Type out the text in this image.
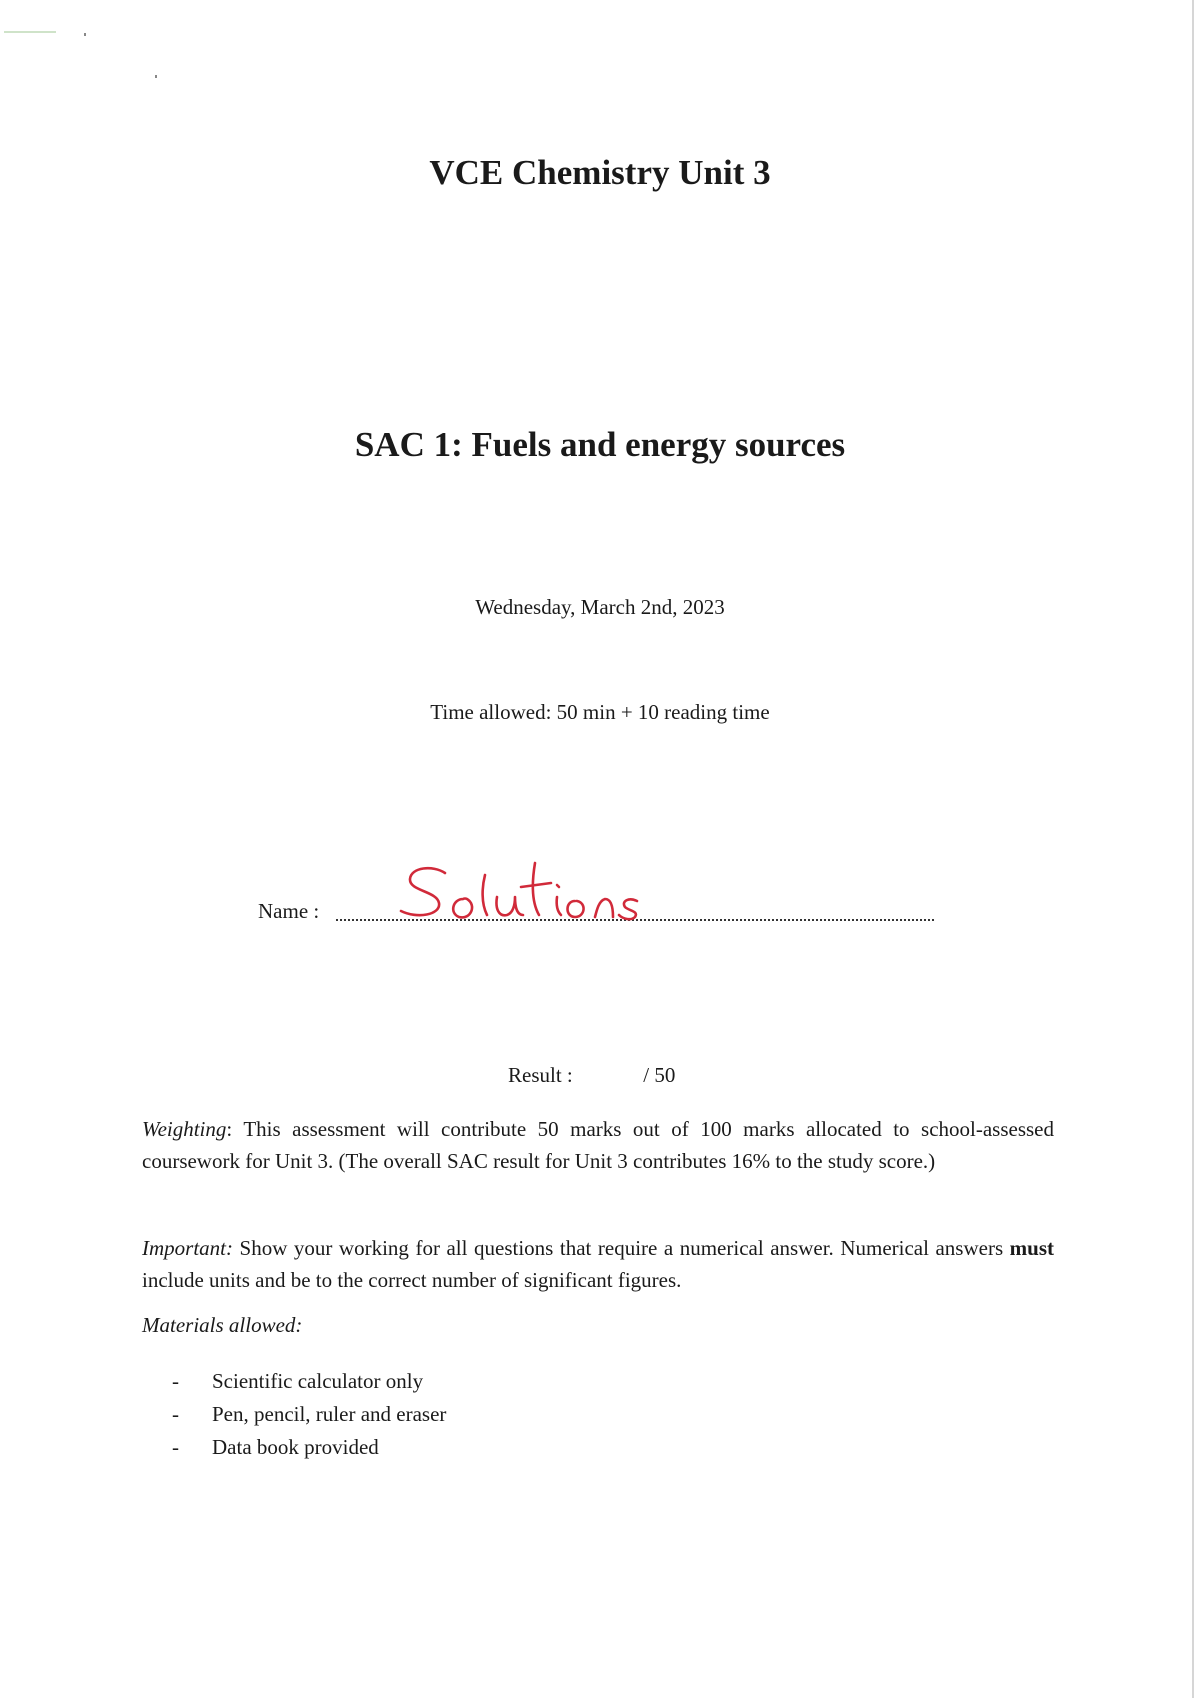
VCE Chemistry Unit 3
SAC 1: Fuels and energy sources
Wednesday, March 2nd, 2023
Time allowed: 50 min + 10 reading time
Name :
Result :	/ 50

Weighting: This assessment will contribute 50 marks out of 100 marks allocated to school-assessed coursework for Unit 3. (The overall SAC result for Unit 3 contributes 16% to the study score.)

Important: Show your working for all questions that require a numerical answer. Numerical answers must include units and be to the correct number of significant figures.

Materials allowed:
- Scientific calculator only
- Pen, pencil, ruler and eraser
- Data book provided
